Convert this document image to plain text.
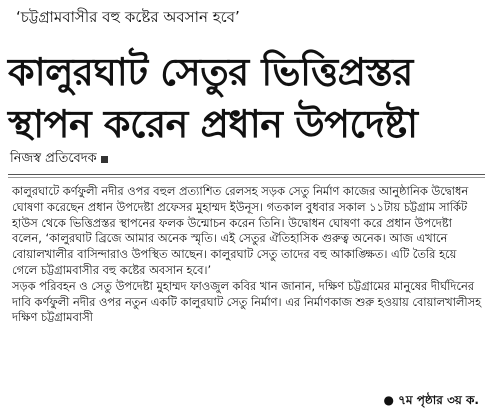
‘চট্টগ্রামবাসীর বহু কষ্টের অবসান হবে’
কালুরঘাট সেতুর ভিত্তিপ্রস্তর
স্থাপন করেন প্রধান উপদেষ্টা
নিজস্ব প্রতিবেদক

কালুরঘাটে কর্ণফুলী নদীর ওপর বহুল প্রত্যাশিত রেলসহ সড়ক সেতু নির্মাণ কাজের আনুষ্ঠানিক উদ্বোধন ঘোষণা করেছেন প্রধান উপদেষ্টা প্রফেসর মুহাম্মদ ইউনূস। গতকাল বুধবার সকাল ১১টায় চট্টগ্রাম সার্কিট হাউস থেকে ভিত্তিপ্রস্তর স্থাপনের ফলক উন্মোচন করেন তিনি। উদ্বোধন ঘোষণা করে প্রধান উপদেষ্টা বলেন, ‘কালুরঘাট ব্রিজে আমার অনেক স্মৃতি। এই সেতুর ঐতিহাসিক গুরুত্ব অনেক। আজ এখানে বোয়ালখালীর বাসিন্দারাও উপস্থিত আছেন। কালুরঘাট সেতু তাদের বহু আকাঙ্ক্ষিত। এটি তৈরি হয়ে গেলে চট্টগ্রামবাসীর বহু কষ্টের অবসান হবে।’

সড়ক পরিবহন ও সেতু উপদেষ্টা মুহাম্মদ ফাওজুল কবির খান জানান, দক্ষিণ চট্টগ্রামের মানুষের দীর্ঘদিনের দাবি কর্ণফুলী নদীর ওপর নতুন একটি কালুরঘাট সেতু নির্মাণ। এর নির্মাণকাজ শুরু হওয়ায় বোয়ালখালীসহ দক্ষিণ চট্টগ্রামবাসী

● ৭ম পৃষ্ঠার ৩য় ক.
